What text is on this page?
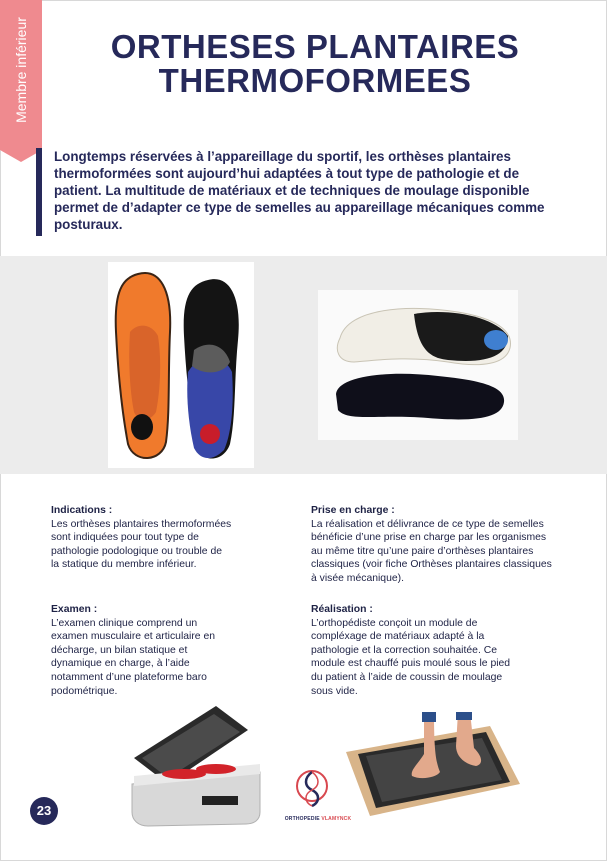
Membre inférieur	ORTHESES PLANTAIRES
THERMOFORMEES

Longtemps réservées à l’appareillage du sportif, les orthèses plantaires thermoformées sont aujourd’hui adaptées à tout type de pathologie et de patient. La multitude de matériaux et de techniques de moulage disponible permet de d’adapter ce type de semelles au appareillage mécaniques comme posturaux.

Indications :
Les orthèses plantaires thermoformées
sont indiquées pour tout type de
pathologie podologique ou trouble de
la statique du membre inférieur.
Prise en charge :
La réalisation et délivrance de ce type de semelles
bénéficie d’une prise en charge par les organismes
au même titre qu’une paire d’orthèses plantaires
classiques (voir fiche Orthèses plantaires classiques
à visée mécanique).
Examen :
L’examen clinique comprend un
examen musculaire et articulaire en
décharge, un bilan statique et
dynamique en charge, à l’aide
notamment d’une plateforme baro
podométrique.
Réalisation :
L’orthopédiste conçoit un module de
compléxage de matériaux adapté à la
pathologie et la correction souhaitée. Ce
module est chauffé puis moulé sous le pied
du patient à l’aide de coussin de moulage
sous vide.
ORTHOPEDIE VLAMYNCK
23
